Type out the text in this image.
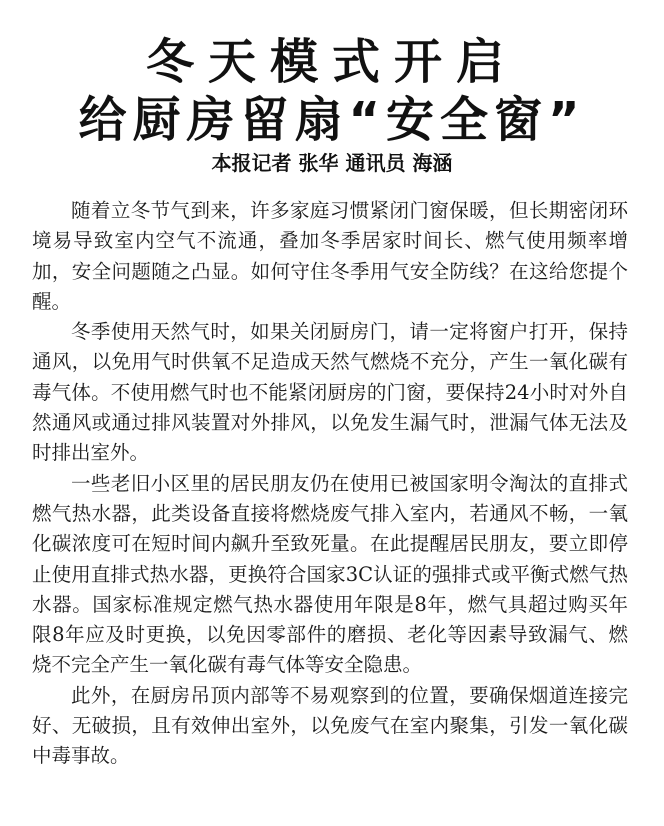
冬天模式开启
给厨房留扇“安全窗”
本报记者 张华 通讯员 海涵

随着立冬节气到来，许多家庭习惯紧闭门窗保暖，但长期密闭环境易导致室内空气不流通，叠加冬季居家时间长、燃气使用频率增加，安全问题随之凸显。如何守住冬季用气安全防线？在这给您提个醒。

冬季使用天然气时，如果关闭厨房门，请一定将窗户打开，保持通风，以免用气时供氧不足造成天然气燃烧不充分，产生一氧化碳有毒气体。不使用燃气时也不能紧闭厨房的门窗，要保持24小时对外自然通风或通过排风装置对外排风，以免发生漏气时，泄漏气体无法及时排出室外。

一些老旧小区里的居民朋友仍在使用已被国家明令淘汰的直排式燃气热水器，此类设备直接将燃烧废气排入室内，若通风不畅，一氧化碳浓度可在短时间内飙升至致死量。在此提醒居民朋友，要立即停止使用直排式热水器，更换符合国家3C认证的强排式或平衡式燃气热水器。国家标准规定燃气热水器使用年限是8年，燃气具超过购买年限8年应及时更换，以免因零部件的磨损、老化等因素导致漏气、燃烧不完全产生一氧化碳有毒气体等安全隐患。

此外，在厨房吊顶内部等不易观察到的位置，要确保烟道连接完好、无破损，且有效伸出室外，以免废气在室内聚集，引发一氧化碳中毒事故。
